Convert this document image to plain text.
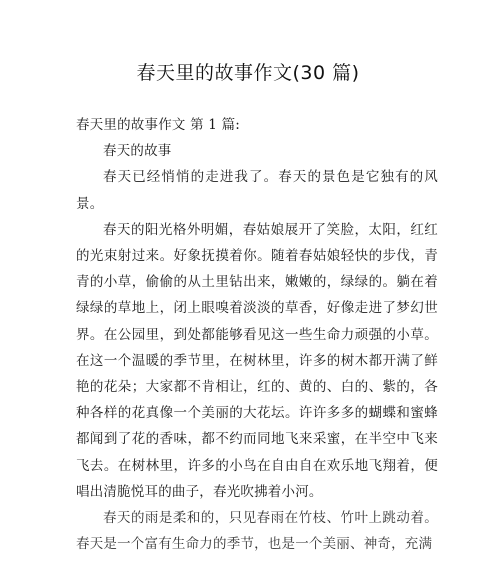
春天里的故事作文(30 篇)

春天里的故事作文 第 1 篇:

春天的故事

春天已经悄悄的走进我了。春天的景色是它独有的风景。

春天的阳光格外明媚，春姑娘展开了笑脸，太阳，红红的光束射过来。好象抚摸着你。随着春姑娘轻快的步伐，青青的小草，偷偷的从土里钻出来，嫩嫩的，绿绿的。躺在着绿绿的草地上，闭上眼嗅着淡淡的草香，好像走进了梦幻世界。在公园里，到处都能够看见这一些生命力顽强的小草。在这一个温暖的季节里，在树林里，许多的树木都开满了鲜艳的花朵；大家都不肯相让，红的、黄的、白的、紫的，各种各样的花真像一个美丽的大花坛。许许多多的蝴蝶和蜜蜂都闻到了花的香味，都不约而同地飞来采蜜，在半空中飞来飞去。在树林里，许多的小鸟在自由自在欢乐地飞翔着，便唱出清脆悦耳的曲子，春光吹拂着小河。

春天的雨是柔和的，只见春雨在竹枝、竹叶上跳动着。春天是一个富有生命力的季节，也是一个美丽、神奇，充满
